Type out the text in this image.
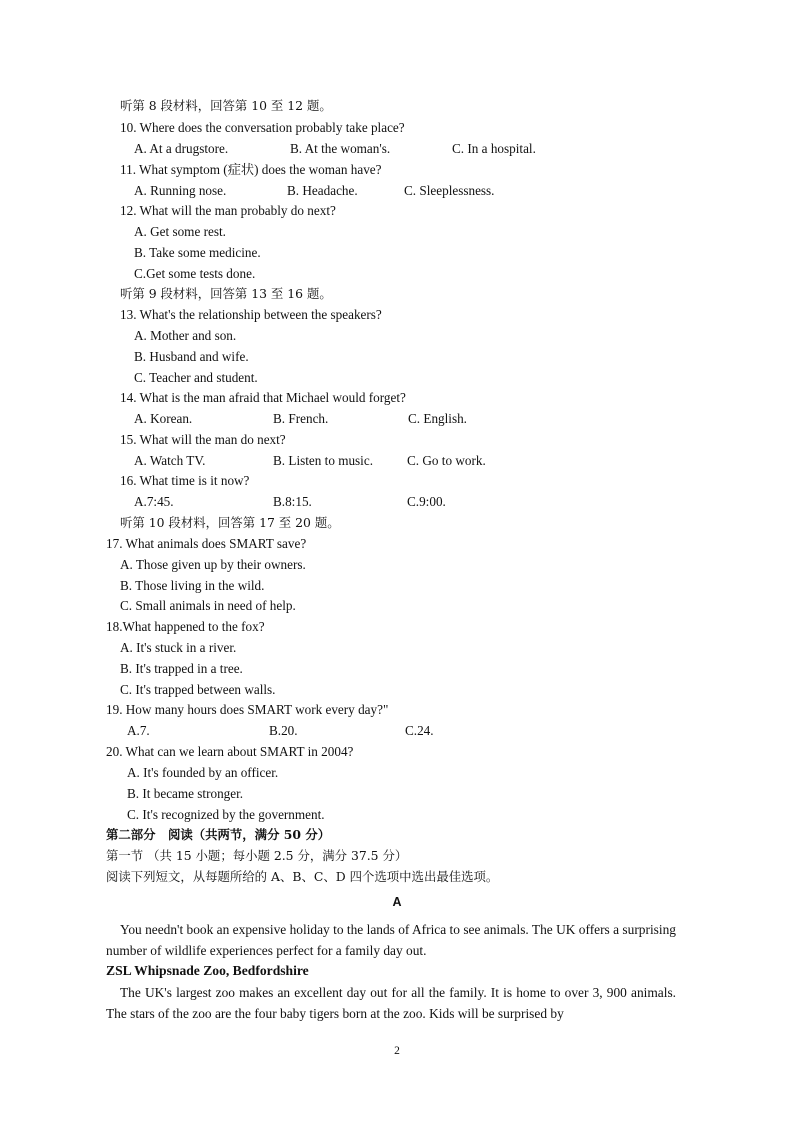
听第 8 段材料，回答第 10 至 12 题。
10. Where does the conversation probably take place?
A. At a drugstore.	B. At the woman's.	C. In a hospital.
11. What symptom (症状) does the woman have?
A. Running nose.	B. Headache.	C. Sleeplessness.
12. What will the man probably do next?
A. Get some rest.
B. Take some medicine.
C.Get some tests done.
听第 9 段材料，回答第 13 至 16 题。
13. What's the relationship between the speakers?
A. Mother and son.
B. Husband and wife.
C. Teacher and student.
14. What is the man afraid that Michael would forget?
A. Korean.	B. French.	C. English.
15. What will the man do next?
A. Watch TV.	B. Listen to music.	C. Go to work.
16. What time is it now?
A.7:45.	B.8:15.	C.9:00.
听第 10 段材料，回答第 17 至 20 题。
17. What animals does SMART save?
A. Those given up by their owners.
B. Those living in the wild.
C. Small animals in need of help.
18.What happened to the fox?
A. It's stuck in a river.
B. It's trapped in a tree.
C. It's trapped between walls.
19. How many hours does SMART work every day?"
A.7.	B.20.	C.24.
20. What can we learn about SMART in 2004?
A. It's founded by an officer.
B. It became stronger.
C. It's recognized by the government.
第二部分　阅读（共两节，满分 50 分）
第一节 （共 15 小题；每小题 2.5 分，满分 37.5 分）
阅读下列短文，从每题所给的 A、B、C、D 四个选项中选出最佳选项。
A
You needn't book an expensive holiday to the lands of Africa to see animals. The UK offers a surprising number of wildlife experiences perfect for a family day out.
ZSL Whipsnade Zoo, Bedfordshire
The UK's largest zoo makes an excellent day out for all the family. It is home to over 3, 900 animals. The stars of the zoo are the four baby tigers born at the zoo. Kids will be surprised by
2
